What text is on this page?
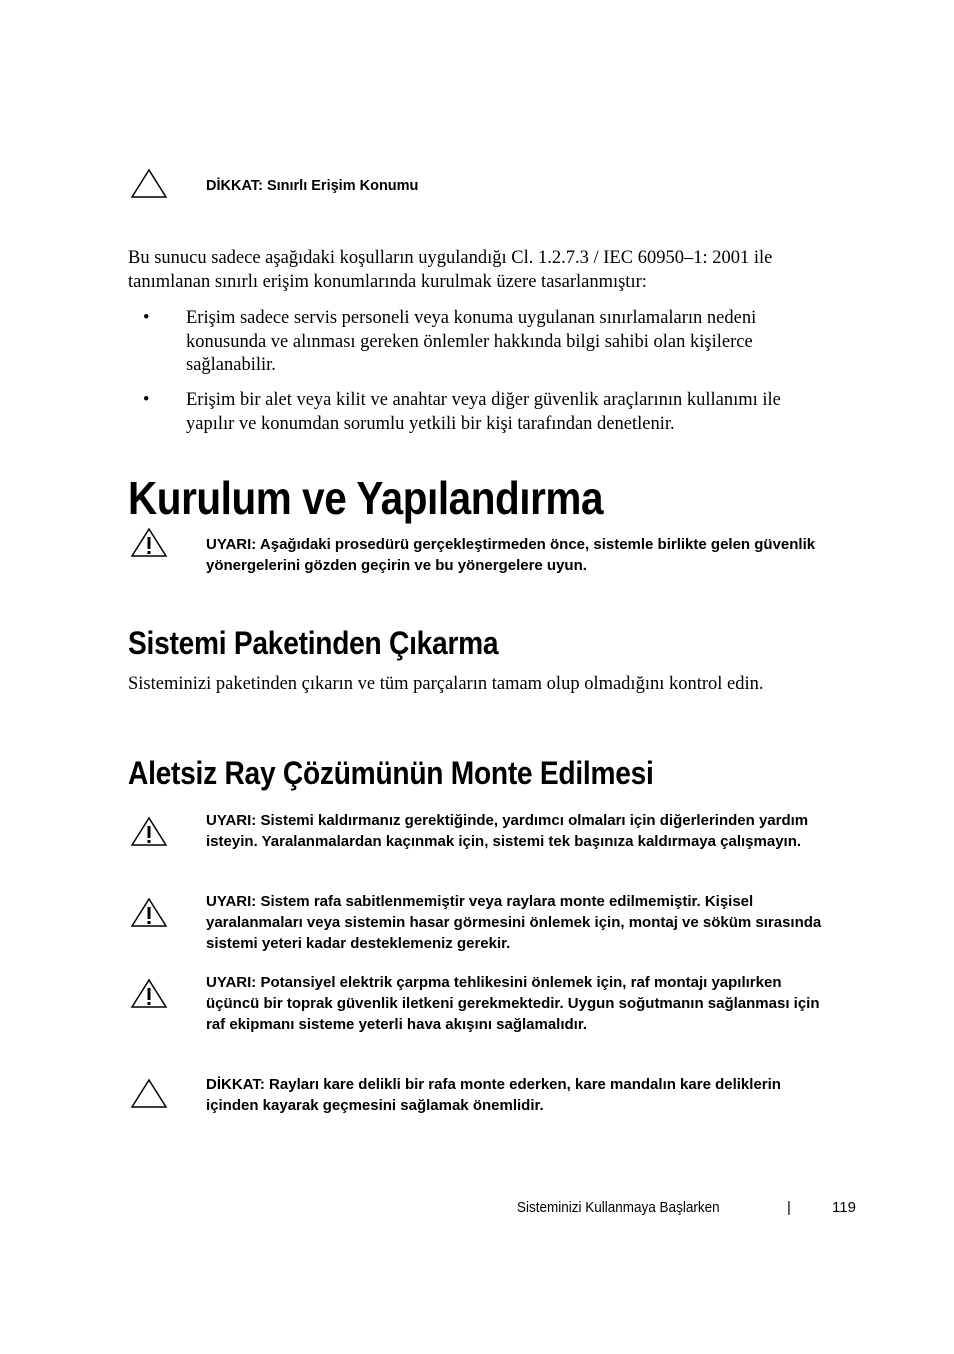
DİKKAT: Sınırlı Erişim Konumu

Bu sunucu sadece aşağıdaki koşulların uygulandığı Cl. 1.2.7.3 / IEC 60950–1: 2001 ile tanımlanan sınırlı erişim konumlarında kurulmak üzere tasarlanmıştır:

•	Erişim sadece servis personeli veya konuma uygulanan sınırlamaların nedeni konusunda ve alınması gereken önlemler hakkında bilgi sahibi olan kişilerce sağlanabilir.
•	Erişim bir alet veya kilit ve anahtar veya diğer güvenlik araçlarının kullanımı ile yapılır ve konumdan sorumlu yetkili bir kişi tarafından denetlenir.
Kurulum ve Yapılandırma
UYARI: Aşağıdaki prosedürü gerçekleştirmeden önce, sistemle birlikte gelen güvenlik yönergelerini gözden geçirin ve bu yönergelere uyun.
Sistemi Paketinden Çıkarma

Sisteminizi paketinden çıkarın ve tüm parçaların tamam olup olmadığını kontrol edin.

Aletsiz Ray Çözümünün Monte Edilmesi
UYARI: Sistemi kaldırmanız gerektiğinde, yardımcı olmaları için diğerlerinden yardım isteyin. Yaralanmalardan kaçınmak için, sistemi tek başınıza kaldırmaya çalışmayın.
UYARI: Sistem rafa sabitlenmemiştir veya raylara monte edilmemiştir. Kişisel yaralanmaları veya sistemin hasar görmesini önlemek için, montaj ve söküm sırasında sistemi yeteri kadar desteklemeniz gerekir.
UYARI: Potansiyel elektrik çarpma tehlikesini önlemek için, raf montajı yapılırken üçüncü bir toprak güvenlik iletkeni gerekmektedir. Uygun soğutmanın sağlanması için raf ekipmanı sisteme yeterli hava akışını sağlamalıdır.
DİKKAT: Rayları kare delikli bir rafa monte ederken, kare mandalın kare deliklerin içinden kayarak geçmesini sağlamak önemlidir.
Sisteminizi Kullanmaya Başlarken	|	119
